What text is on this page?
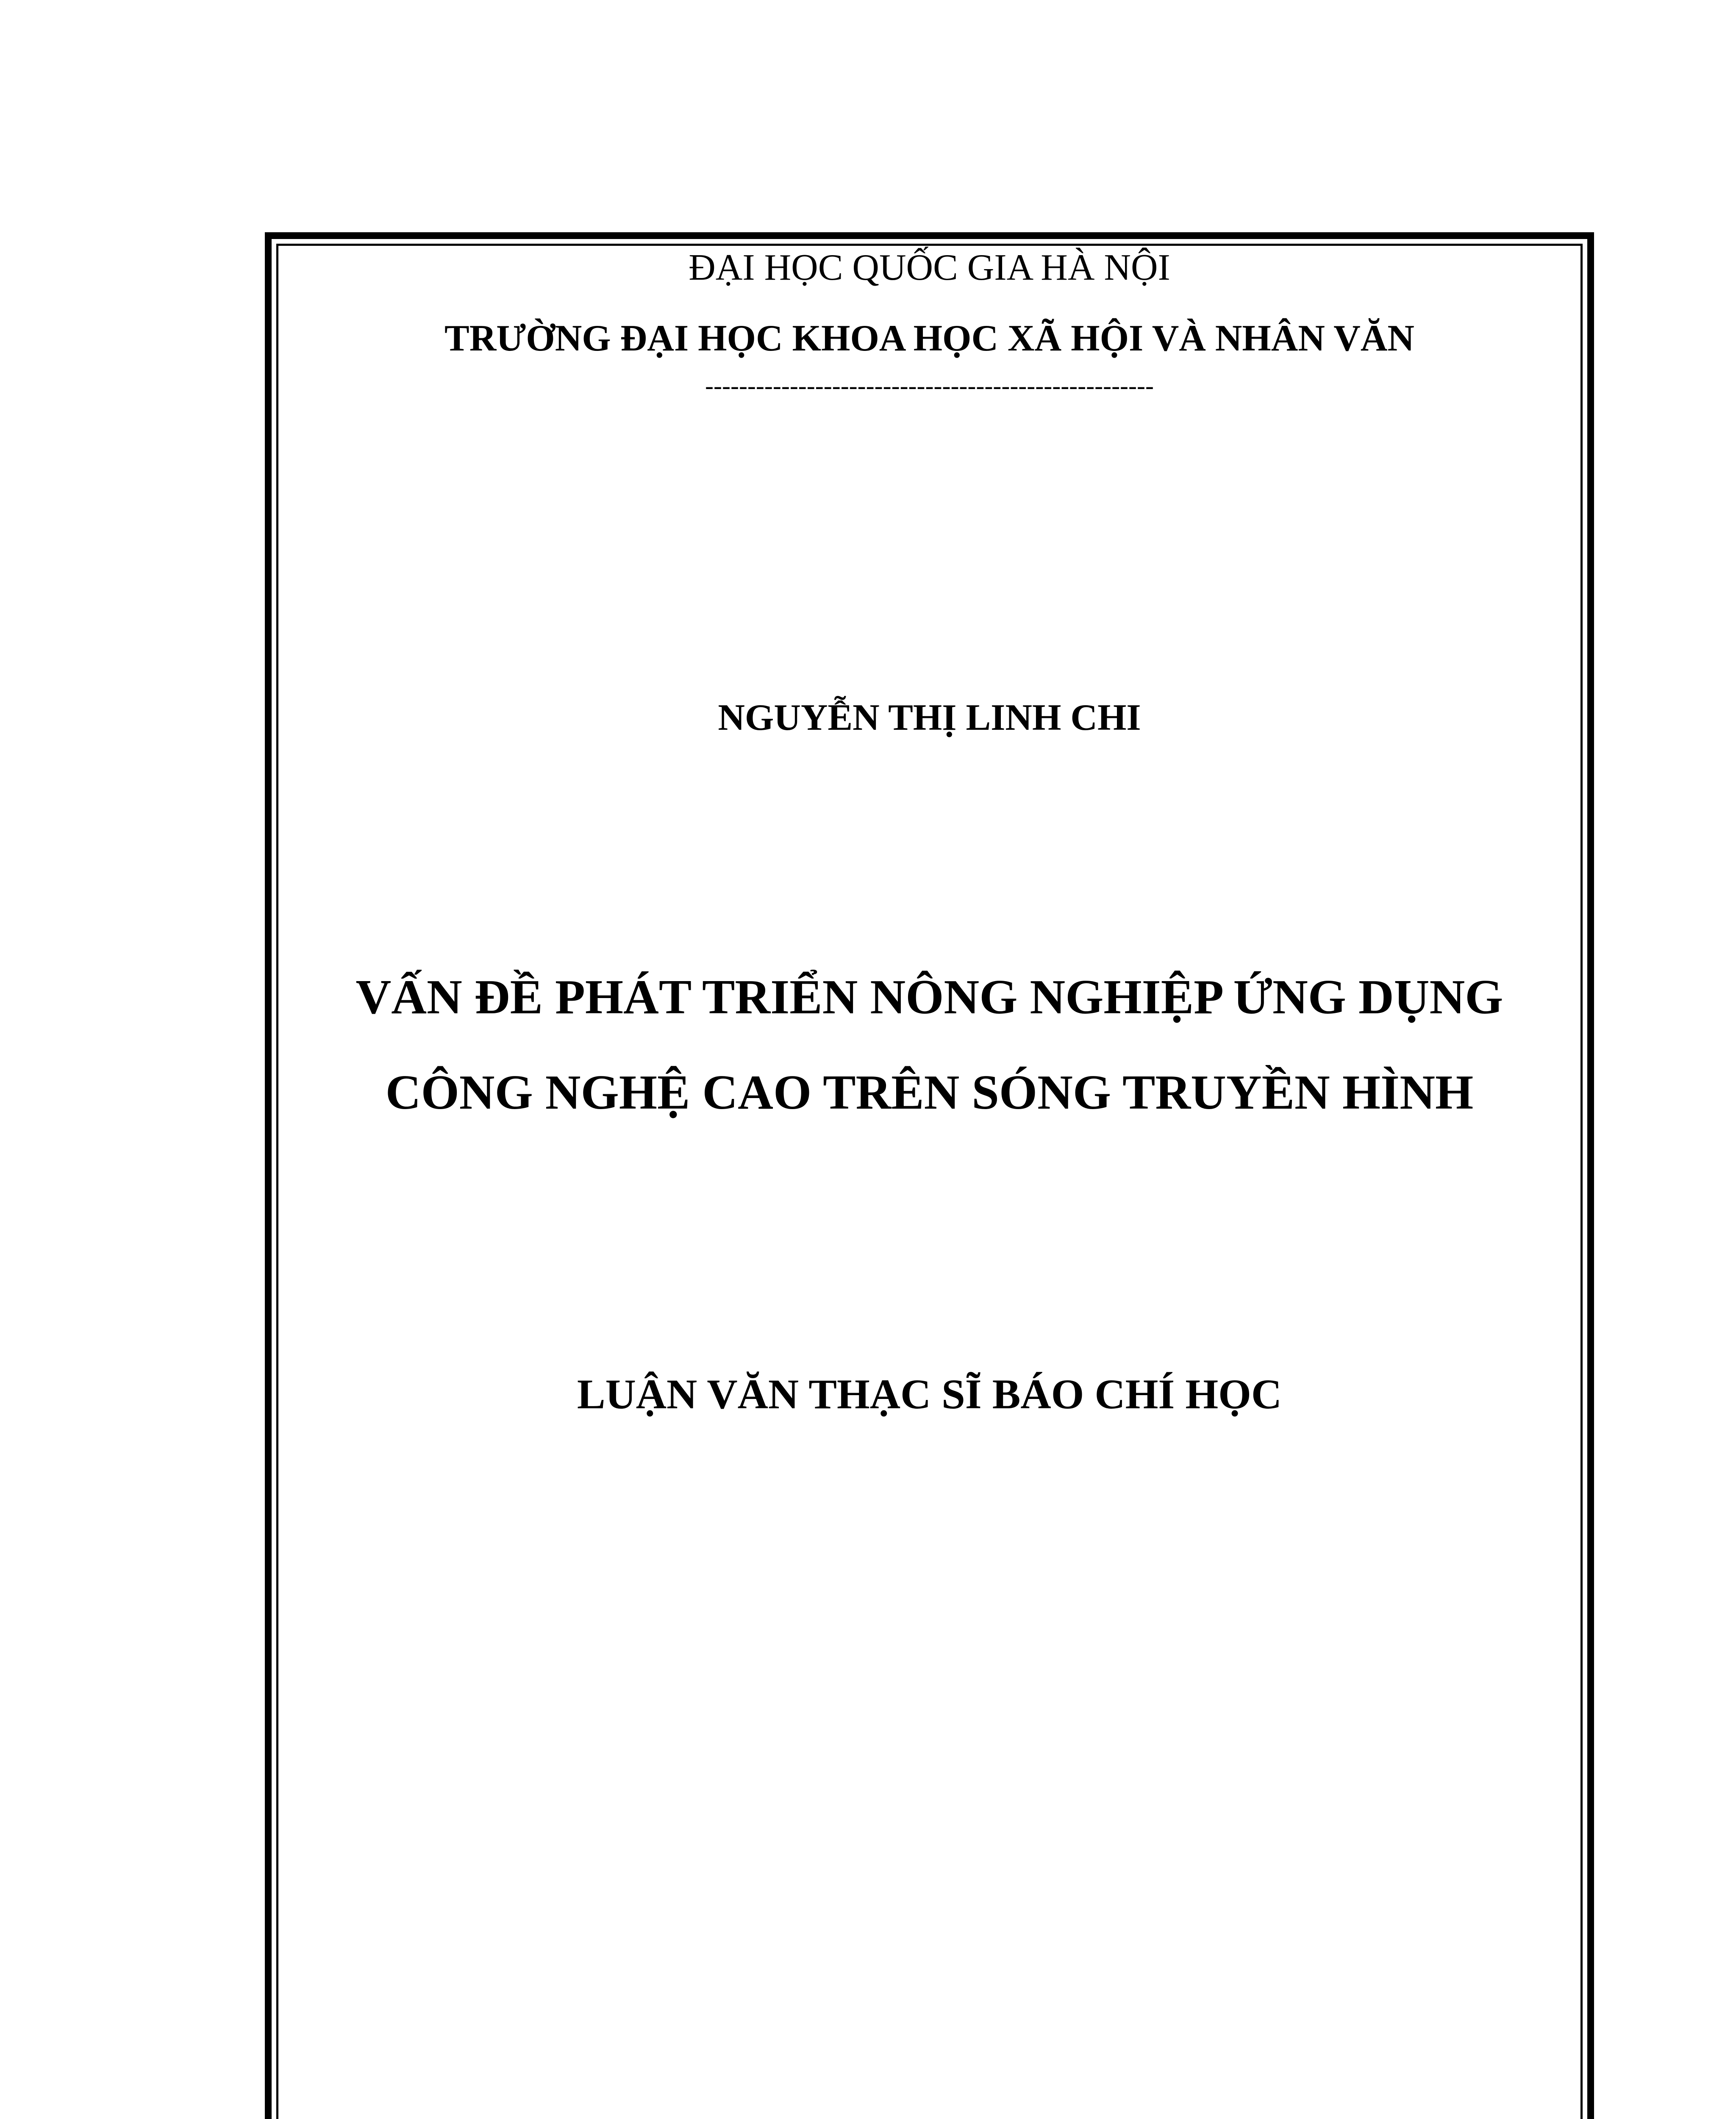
ĐẠI HỌC QUỐC GIA HÀ NỘI
TRƯỜNG ĐẠI HỌC KHOA HỌC XÃ HỘI VÀ NHÂN VĂN
-----------------------------------------------------
NGUYỄN THỊ LINH CHI
VẤN ĐỀ PHÁT TRIỂN NÔNG NGHIỆP ỨNG DỤNG
CÔNG NGHỆ CAO TRÊN SÓNG TRUYỀN HÌNH
LUẬN VĂN THẠC SĨ BÁO CHÍ HỌC
